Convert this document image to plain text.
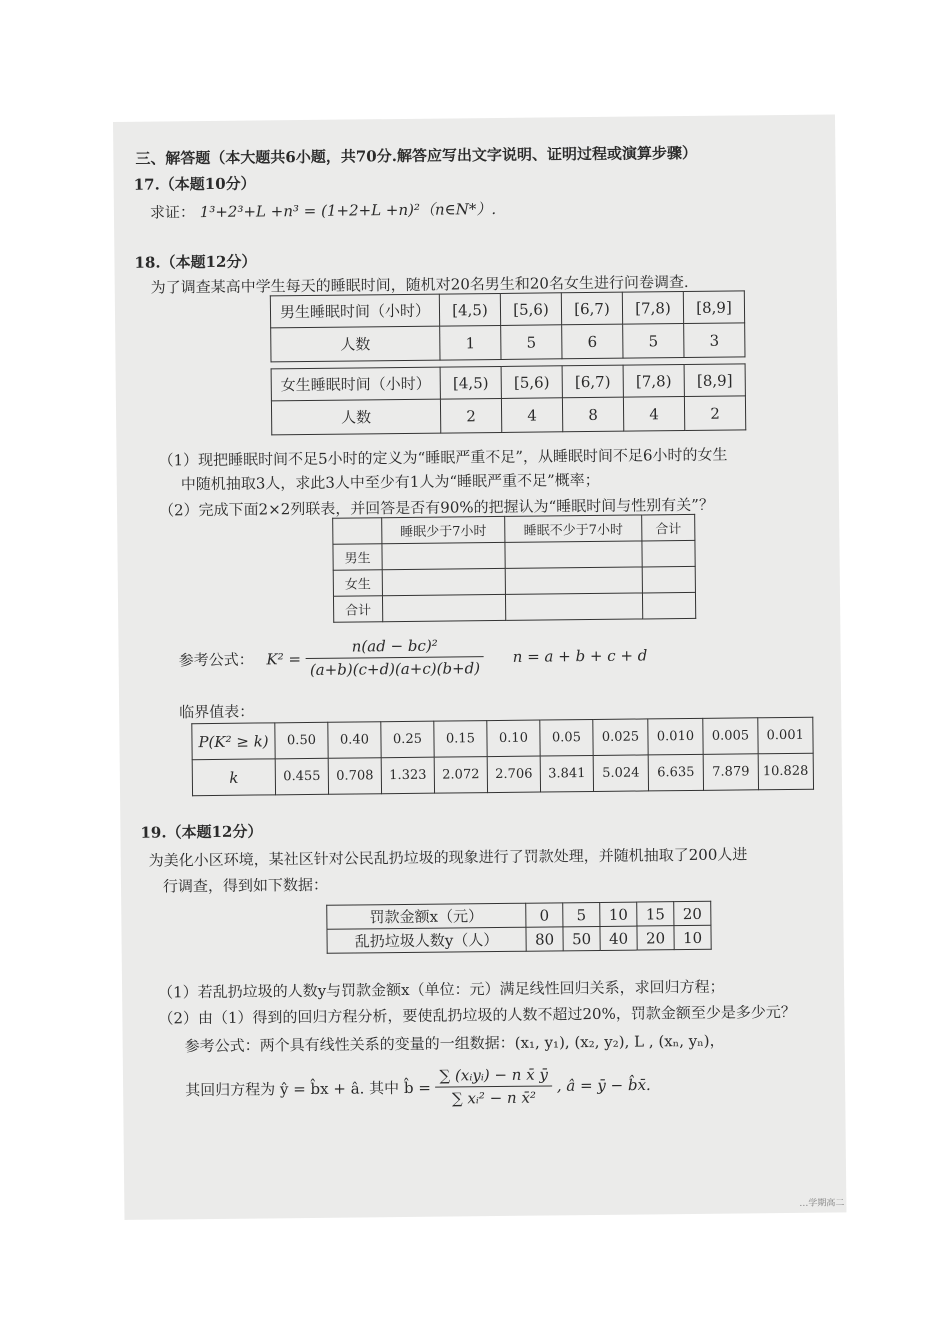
三、解答题（本大题共6小题，共70分.解答应写出文字说明、证明过程或演算步骤）
17.（本题10分）
求证： 1³+2³+L +n³ = (1+2+L +n)²（n∈N*）.
18.（本题12分）
为了调查某高中学生每天的睡眠时间，随机对20名男生和20名女生进行问卷调查.
男生睡眠时间（小时）	[4,5)	[5,6)	[6,7)	[7,8)	[8,9]
人数	1	5	6	5	3
女生睡眠时间（小时）	[4,5)	[5,6)	[6,7)	[7,8)	[8,9]
人数	2	4	8	4	2
（1）现把睡眠时间不足5小时的定义为“睡眠严重不足”，从睡眠时间不足6小时的女生
中随机抽取3人，求此3人中至少有1人为“睡眠严重不足”概率；
（2）完成下面2×2列联表，并回答是否有90%的把握认为“睡眠时间与性别有关”？
	睡眠少于7小时	睡眠不少于7小时	合计
男生			
女生			
合计			
参考公式： $K^2 = \frac{\text{n(ad − bc)²}}{(a+b)(c+d)(a+c)(b+d)}$ n = a + b + c + d
临界值表：
P(K² ≥ k)	0.50	0.40	0.25	0.15	0.10	0.05	0.025	0.010	0.005	0.001
k	0.455	0.708	1.323	2.072	2.706	3.841	5.024	6.635	7.879	10.828
19.（本题12分）
为美化小区环境，某社区针对公民乱扔垃圾的现象进行了罚款处理，并随机抽取了200人进
行调查，得到如下数据：
罚款金额x（元）	0	5	10	15	20
乱扔垃圾人数y（人）	80	50	40	20	10
（1）若乱扔垃圾的人数y与罚款金额x（单位：元）满足线性回归关系，求回归方程；
（2）由（1）得到的回归方程分析，要使乱扔垃圾的人数不超过20%，罚款金额至少是多少元？
参考公式：两个具有线性关系的变量的一组数据：(x₁, y₁), (x₂, y₂), L , (xₙ, yₙ)，
其回归方程为 ŷ = b̂x + â. 其中 b̂ = $\frac{\text{∑ (xᵢyᵢ) − n x̄ ȳ}}{\text{∑ xᵢ² − n x̄²}}$ , â = ȳ − b̂x̄.
…学期高二
